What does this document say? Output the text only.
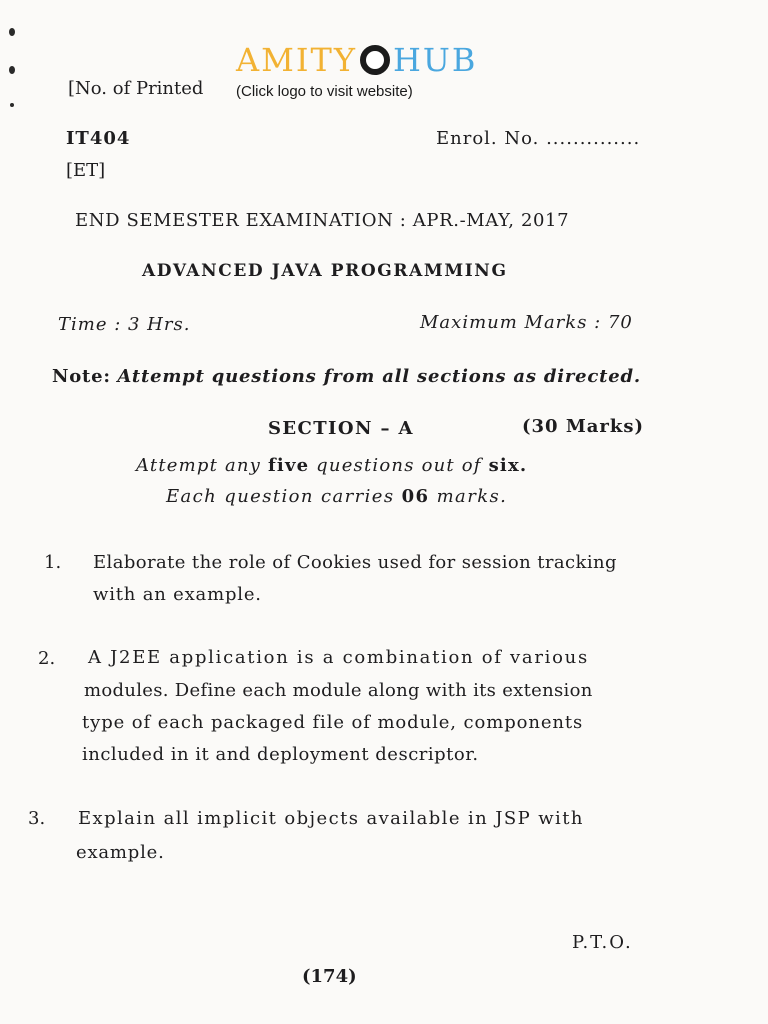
AMITY HUB
(Click logo to visit website)
[No. of Printed
IT404
[ET]
Enrol. No. ..............
END SEMESTER EXAMINATION : APR.-MAY, 2017
ADVANCED JAVA PROGRAMMING
Time : 3 Hrs.	Maximum Marks : 70
Note: Attempt questions from all sections as directed.
SECTION – A	(30 Marks)
Attempt any five questions out of six.
Each question carries 06 marks.
1. Elaborate the role of Cookies used for session tracking
with an example.
2. A J2EE application is a combination of various
modules. Define each module along with its extension
type of each packaged file of module, components
included in it and deployment descriptor.
3. Explain all implicit objects available in JSP with
example.
P.T.O.
(174)
